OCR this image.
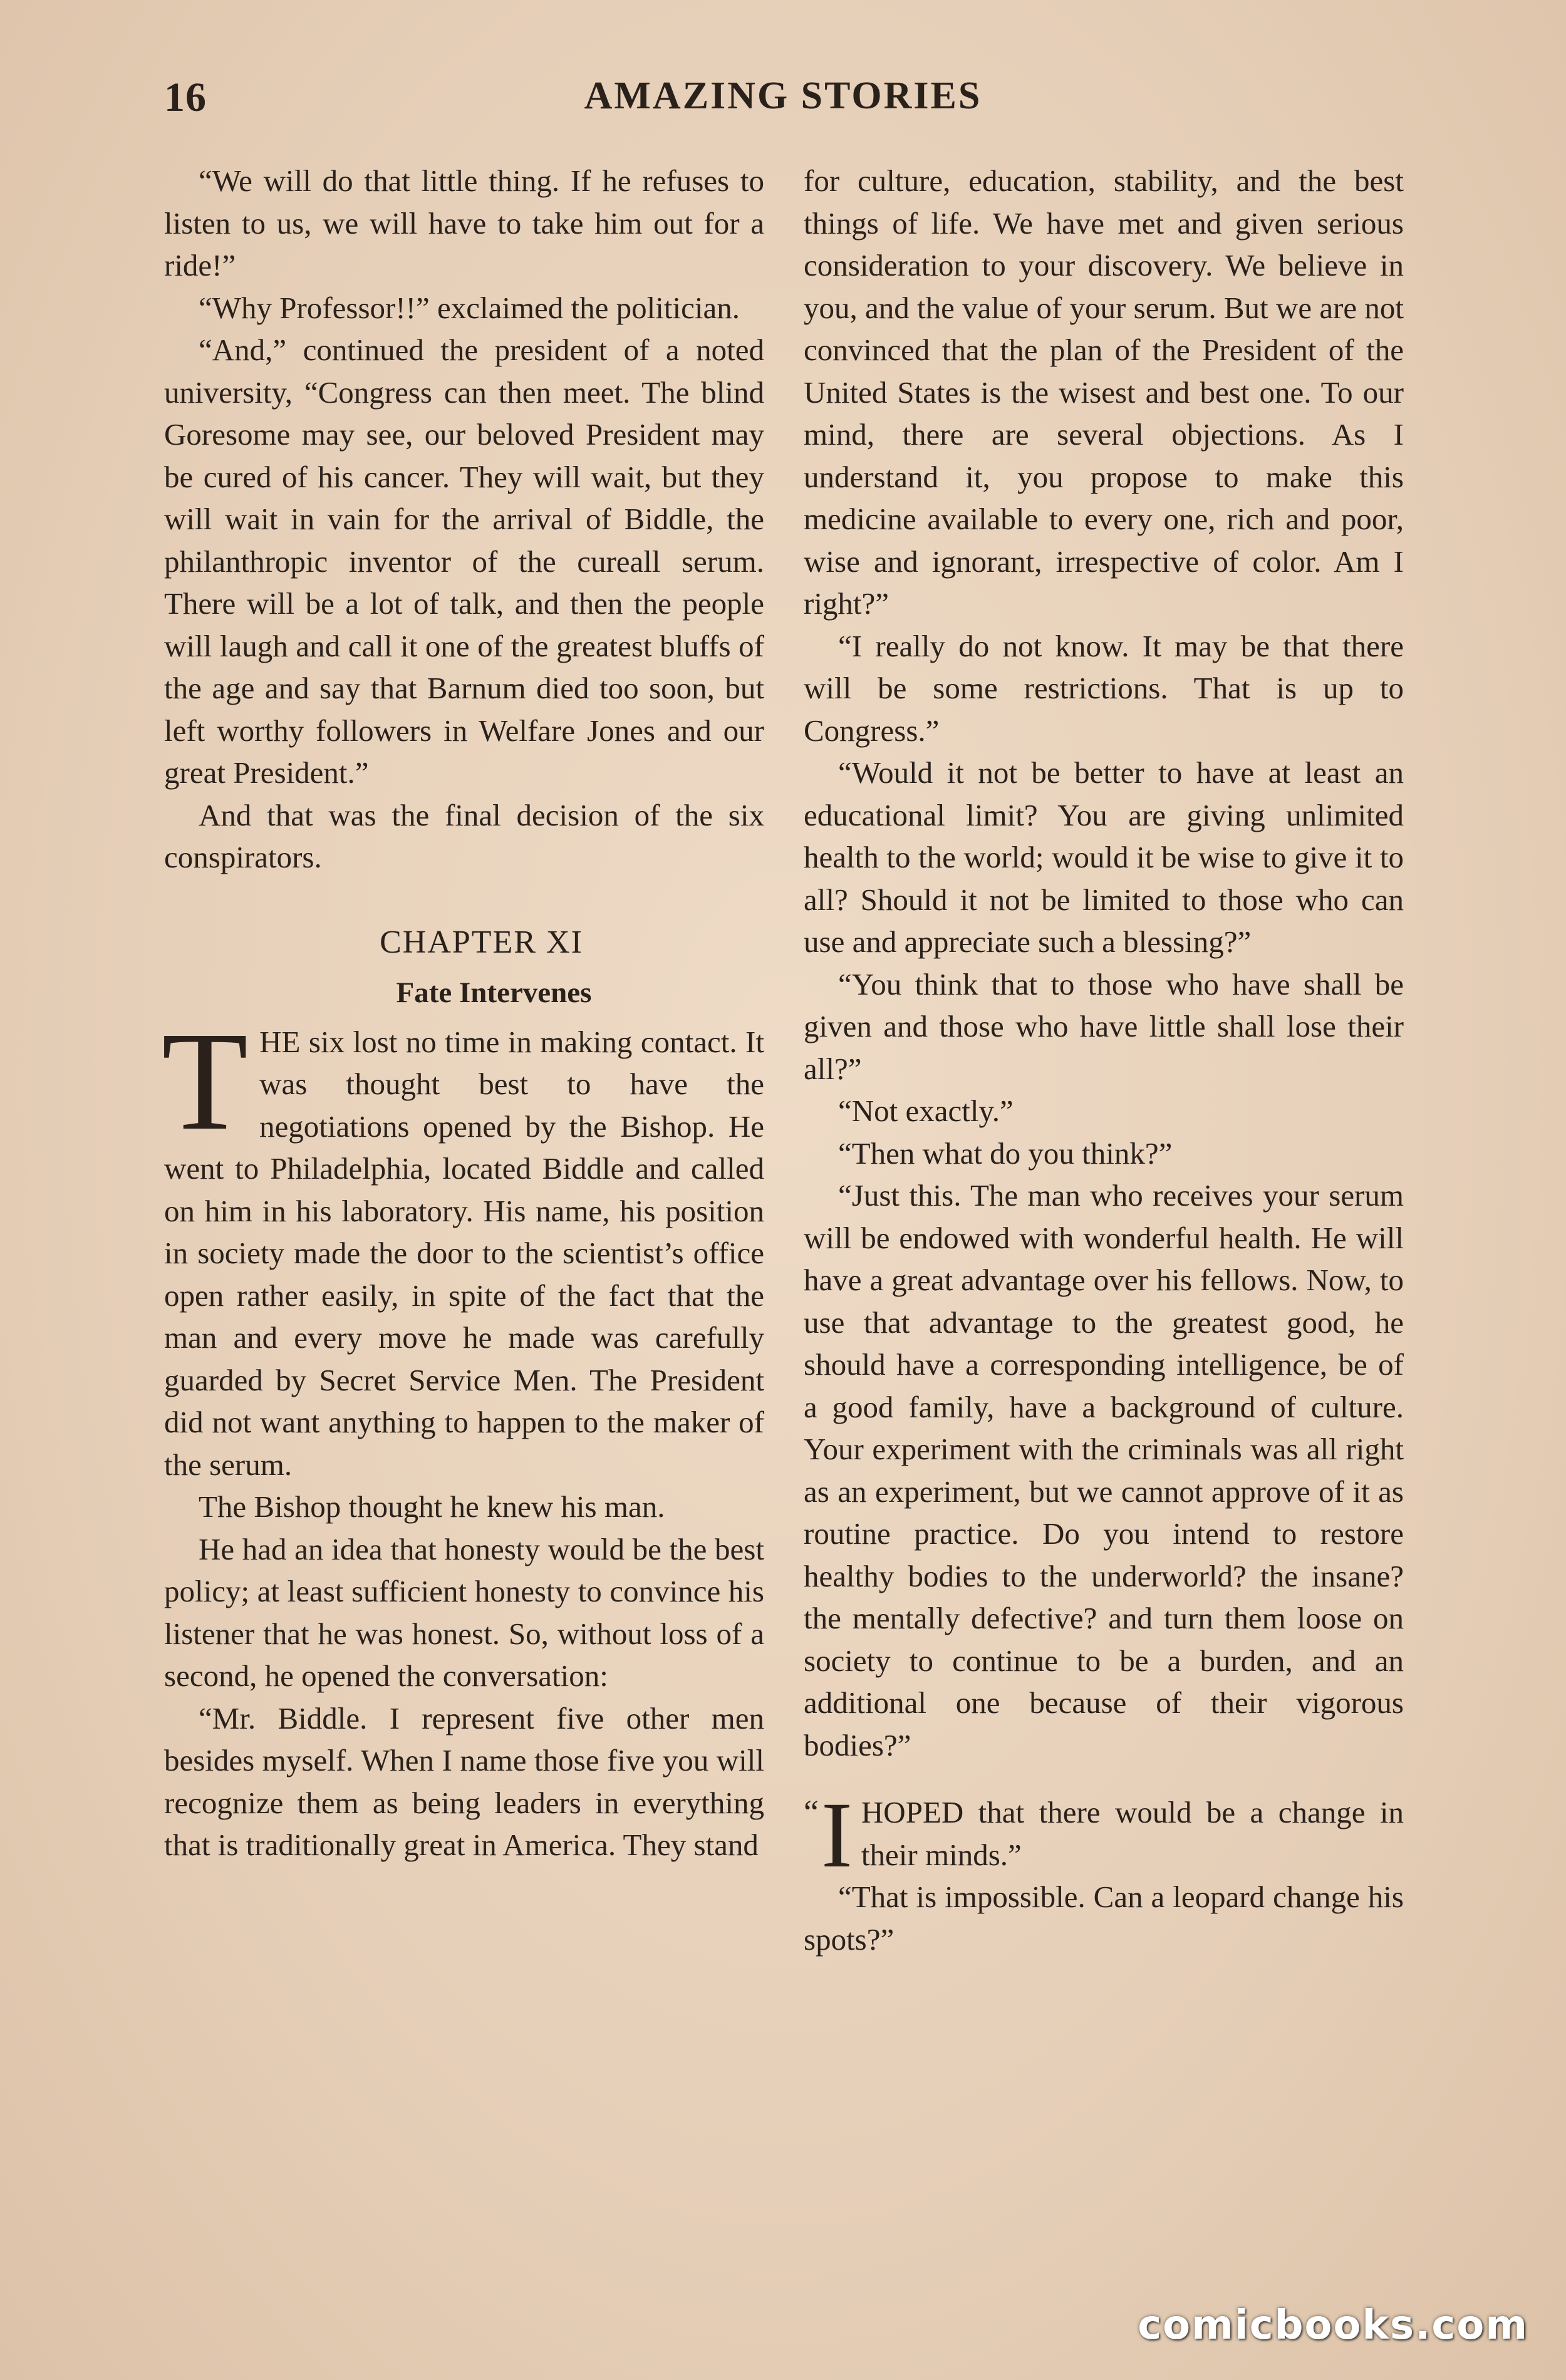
16	AMAZING STORIES

“We will do that little thing. If he refuses to listen to us, we will have to take him out for a ride!”

“Why Professor!!” exclaimed the politician.

“And,” continued the president of a noted university, “Congress can then meet. The blind Goresome may see, our beloved President may be cured of his cancer. They will wait, but they will wait in vain for the arrival of Biddle, the philanthropic inventor of the cureall serum. There will be a lot of talk, and then the people will laugh and call it one of the greatest bluffs of the age and say that Barnum died too soon, but left worthy followers in Welfare Jones and our great President.”

And that was the final decision of the six conspirators.

CHAPTER XI

Fate Intervenes

THE six lost no time in making contact. It was thought best to have the negotiations opened by the Bishop. He went to Philadelphia, located Biddle and called on him in his laboratory. His name, his position in society made the door to the scientist’s office open rather easily, in spite of the fact that the man and every move he made was carefully guarded by Secret Service Men. The President did not want anything to happen to the maker of the serum.

The Bishop thought he knew his man.

He had an idea that honesty would be the best policy; at least sufficient honesty to convince his listener that he was honest. So, without loss of a second, he opened the conversation:

“Mr. Biddle. I represent five other men besides myself. When I name those five you will recognize them as being leaders in everything that is traditionally great in America. They stand

for culture, education, stability, and the best things of life. We have met and given serious consideration to your discovery. We believe in you, and the value of your serum. But we are not convinced that the plan of the President of the United States is the wisest and best one. To our mind, there are several objections. As I understand it, you propose to make this medicine available to every one, rich and poor, wise and ignorant, irrespective of color. Am I right?”

“I really do not know. It may be that there will be some restrictions. That is up to Congress.”

“Would it not be better to have at least an educational limit? You are giving unlimited health to the world; would it be wise to give it to all? Should it not be limited to those who can use and appreciate such a blessing?”

“You think that to those who have shall be given and those who have little shall lose their all?”

“Not exactly.”

“Then what do you think?”

“Just this. The man who receives your serum will be endowed with wonderful health. He will have a great advantage over his fellows. Now, to use that advantage to the greatest good, he should have a corresponding intelligence, be of a good family, have a background of culture. Your experiment with the criminals was all right as an experiment, but we cannot approve of it as routine practice. Do you intend to restore healthy bodies to the underworld? the insane? the mentally defective? and turn them loose on society to continue to be a burden, and an additional one because of their vigorous bodies?”

“ I HOPED that there would be a change in their minds.”

“That is impossible. Can a leopard change his spots?”

comicbooks.com
